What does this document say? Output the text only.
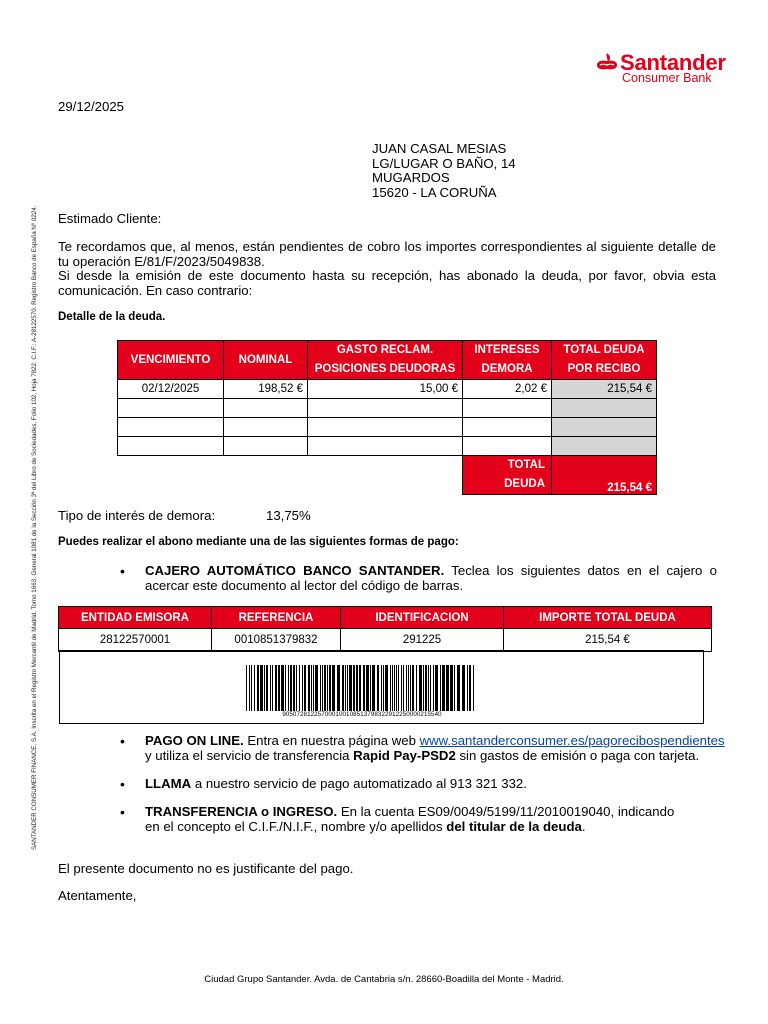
Santander
Consumer Bank
SANTANDER CONSUMER FINANCE, S.A. Inscrita en el Registro Mercantil de Madrid, Tomo 1663, General 1081 de la Sección 3ª del Libro de Sociedades, Folio 102, Hoja 7822. C.I.F.: A-28122570. Registro Banco de España Nº 0224.
29/12/2025
JUAN CASAL MESIAS
LG/LUGAR O BAÑO, 14
MUGARDOS
15620 - LA CORUÑA
Estimado Cliente:
Te recordamos que, al menos, están pendientes de cobro los importes correspondientes al siguiente detalle de tu operación E/81/F/2023/5049838.
Si desde la emisión de este documento hasta su recepción, has abonado la deuda, por favor, obvia esta comunicación. En caso contrario:
Detalle de la deuda.
VENCIMIENTO	NOMINAL	GASTO RECLAM. POSICIONES DEUDORAS	INTERESES DEMORA	TOTAL DEUDA POR RECIBO
02/12/2025	198,52 €	15,00 €	2,02 €	215,54 €

			TOTAL DEUDA	215,54 €
Tipo de interés de demora:	13,75%
Puedes realizar el abono mediante una de las siguientes formas de pago:
• CAJERO AUTOMÁTICO BANCO SANTANDER. Teclea los siguientes datos en el cajero o acercar este documento al lector del código de barras.
ENTIDAD EMISORA	REFERENCIA	IDENTIFICACION	IMPORTE TOTAL DEUDA
28122570001	0010851379832	291225	215,54 €
90507281225700010010851379832291225000021554​0
• PAGO ON LINE. Entra en nuestra página web www.santanderconsumer.es/pagorecibospendientes
y utiliza el servicio de transferencia Rapid Pay-PSD2 sin gastos de emisión o paga con tarjeta.
• LLAMA a nuestro servicio de pago automatizado al 913 321 332.
• TRANSFERENCIA o INGRESO. En la cuenta ES09/0049/5199/11/2010019040, indicando
en el concepto el C.I.F./N.I.F., nombre y/o apellidos del titular de la deuda.
El presente documento no es justificante del pago.
Atentamente,
Ciudad Grupo Santander. Avda. de Cantabria s/n. 28660-Boadilla del Monte - Madrid.
